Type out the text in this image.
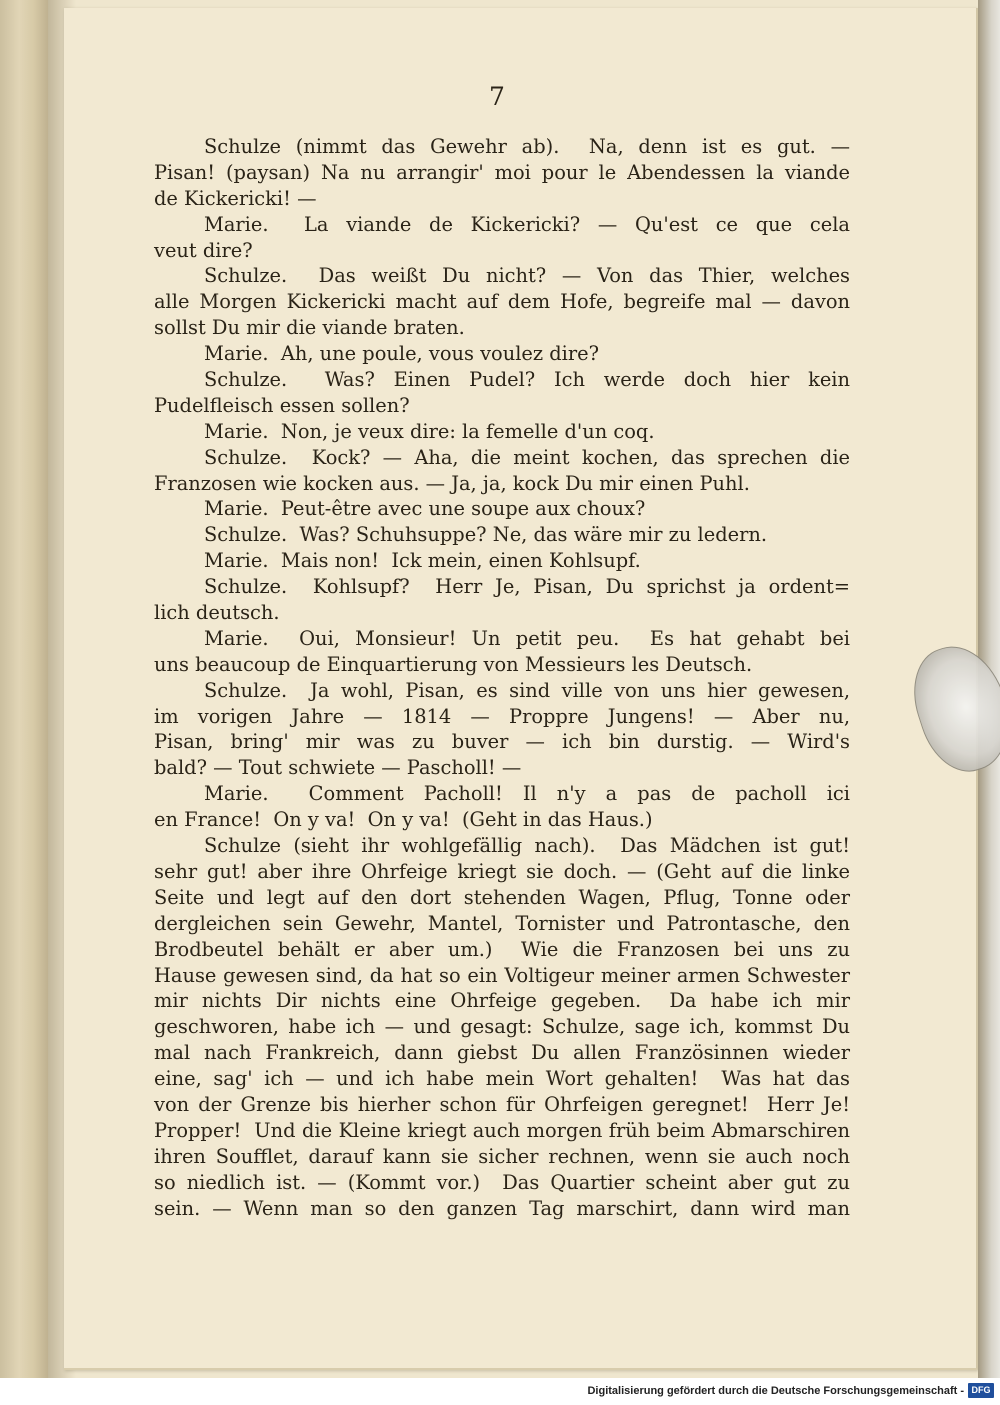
7
Schulze (nimmt das Gewehr ab).  Na, denn ist es gut. —
Pisan! (paysan) Na nu arrangir' moi pour le Abendessen la viande
de Kickericki! —
Marie.  La viande de Kickericki? — Qu'est ce que cela
veut dire?
Schulze.  Das weißt Du nicht? — Von das Thier, welches
alle Morgen Kickericki macht auf dem Hofe, begreife mal — davon
sollst Du mir die viande braten.
Marie.  Ah, une poule, vous voulez dire?
Schulze.  Was? Einen Pudel? Ich werde doch hier kein
Pudelfleisch essen sollen?
Marie.  Non, je veux dire: la femelle d'un coq.
Schulze.  Kock? — Aha, die meint kochen, das sprechen die
Franzosen wie kocken aus. — Ja, ja, kock Du mir einen Puhl.
Marie.  Peut-être avec une soupe aux choux?
Schulze.  Was? Schuhsuppe? Ne, das wäre mir zu ledern.
Marie.  Mais non!  Ick mein, einen Kohlsupf.
Schulze.  Kohlsupf?  Herr Je, Pisan, Du sprichst ja ordent=
lich deutsch.
Marie.  Oui, Monsieur! Un petit peu.  Es hat gehabt bei
uns beaucoup de Einquartierung von Messieurs les Deutsch.
Schulze.  Ja wohl, Pisan, es sind ville von uns hier gewesen,
im vorigen Jahre — 1814 — Proppre Jungens! — Aber nu,
Pisan, bring' mir was zu buver — ich bin durstig. — Wird's
bald? — Tout schwiete — Pascholl! —
Marie.  Comment Pacholl! Il n'y a pas de pacholl ici
en France!  On y va!  On y va!  (Geht in das Haus.)
Schulze (sieht ihr wohlgefällig nach).  Das Mädchen ist gut!
sehr gut! aber ihre Ohrfeige kriegt sie doch. — (Geht auf die linke
Seite und legt auf den dort stehenden Wagen, Pflug, Tonne oder
dergleichen sein Gewehr, Mantel, Tornister und Patrontasche, den
Brodbeutel behält er aber um.)  Wie die Franzosen bei uns zu
Hause gewesen sind, da hat so ein Voltigeur meiner armen Schwester
mir nichts Dir nichts eine Ohrfeige gegeben.  Da habe ich mir
geschworen, habe ich — und gesagt: Schulze, sage ich, kommst Du
mal nach Frankreich, dann giebst Du allen Französinnen wieder
eine, sag' ich — und ich habe mein Wort gehalten!  Was hat das
von der Grenze bis hierher schon für Ohrfeigen geregnet!  Herr Je!
Propper!  Und die Kleine kriegt auch morgen früh beim Abmarschiren
ihren Soufflet, darauf kann sie sicher rechnen, wenn sie auch noch
so niedlich ist. — (Kommt vor.)  Das Quartier scheint aber gut zu
sein. — Wenn man so den ganzen Tag marschirt, dann wird man
Digitalisierung gefördert durch die Deutsche Forschungsgemeinschaft - DFG
